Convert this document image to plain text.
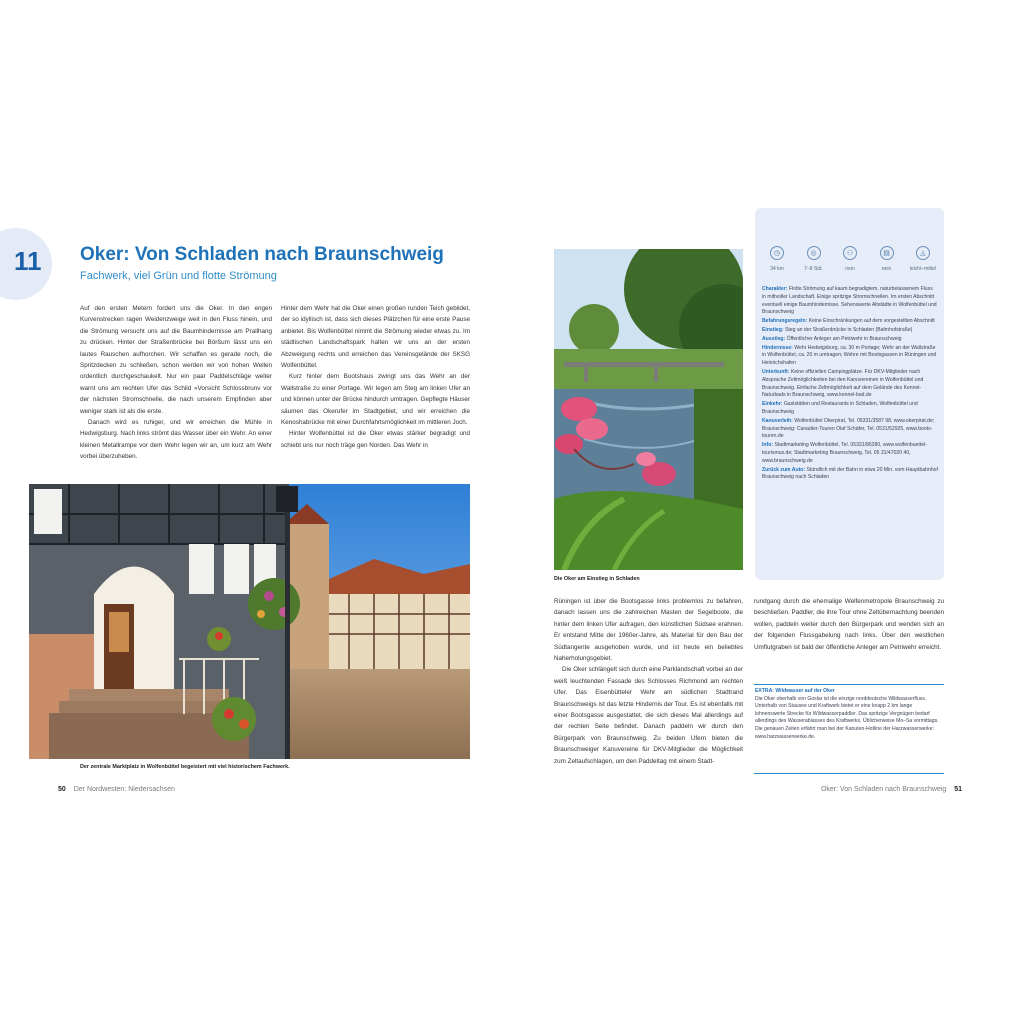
11	Oker: Von Schladen nach Braunschweig
Fachwerk, viel Grün und flotte Strömung

Auf den ersten Metern fordert uns die Oker. In den engen Kurvenstrecken ragen Weidenzweige weit in den Fluss hinein, und die Strömung versucht uns auf die Baumhindernisse am Prallhang zu drücken. Hinter der Straßenbrücke bei Börßum lässt uns ein lautes Rauschen aufhorchen. Wir schaffen es gerade noch, die Spritzdecken zu schließen, schon werden wir von hohen Wellen ordentlich durchgeschaukelt. Nur ein paar Paddelschläge weiter warnt uns am rechten Ufer das Schild »Vorsicht Schlossbrunv vor der nächsten Stromschnelle, die nach unserem Empfinden aber weniger stark ist als die erste.

Danach wird es ruhiger, und wir erreichen die Mühle in Hedwigsburg. Nach links strömt das Wasser über ein Wehr. An einer kleinen Metallrampe vor dem Wehr legen wir an, um kurz am Wehr vorbei überzuheben.

Hinter dem Wehr hat die Oker einen großen runden Teich gebildet, der so idyllisch ist, dass sich dieses Plätzchen für eine erste Pause anbietet. Bis Wolfenbüttel nimmt die Strömung wieder etwas zu. Im städtischen Landschaftspark halten wir uns an der ersten Abzweigung rechts und erreichen das Vereinsgelände der SKSG Wolfenbüttel.

Kurz hinter dem Bootshaus zwingt uns das Wehr an der Wallstraße zu einer Portage. Wir legen am Steg am linken Ufer an und können unter der Brücke hindurch umtragen. Gepflegte Häuser säumen das Okerufer im Stadtgebiet, und wir erreichen die Kenoshabrücke mit einer Durchfahrtsmöglichkeit im mittleren Joch.

Hinter Wolfenbüttel ist die Oker etwas stärker begradigt und schiebt uns nur noch träge gen Norden. Das Wehr in

Der zentrale Marktplatz in Wolfenbüttel begeistert mit viel historischem Fachwerk.
50 Der Nordwesten: Niedersachsen
Die Oker am Einstieg in Schladen
◷
34 km
◎
7–8 Std.
⚇
nein
▤
nein
◬
leicht–mittel

Charakter: Flotte Strömung auf kaum begradigtem, naturbelassenem Fluss in mittvoller Landschaft. Einige spritzige Stromschnellen. Im ersten Abschnitt eventuell einige Baumhindernisse. Sehenswerte Altstädte in Wolfenbüttel und Braunschweig

Befahrungsregeln: Keine Einschränkungen auf dem vorgestellten Abschnitt

Einstieg: Steg an der Straßenbrücke in Schladen (Bahnhofstraße)

Ausstieg: Öffentlicher Anleger am Petriwehr in Braunschweig

Hindernisse: Wehr Hedwigsburg, ca. 30 m Portage; Wehr an der Wallstraße in Wolfenbüttel, ca. 20 m umtragen; Wehre mit Bootsgassen in Rüningen und Heinrichshafen

Unterkunft: Keine offiziellen Campingplätze. Für DKV-Mitglieder nach Absprache Zeltmöglichkeiten bei den Kanuvereinen in Wolfenbüttel und Braunschweig. Einfache Zeltmöglichkeit auf dem Gelände des Kennel-Naturbads in Braunschweig, www.kennel-bad.de

Einkehr: Gaststätten und Restaurants in Schladen, Wolfenbüttel und Braunschweig

Kanuverleih: Wolfenbüttel Okerpirat, Tel. 05331/3587 98, www.okerpirat.de; Braunschweig: Canadier-Touren Olaf Schäfer, Tel. 0531/52925, www.boots-touren.de

Info: Stadtmarketing Wolfenbüttel, Tel. 05331/86280, www.wolfenbuettel-tourismus.de; Stadtmarketing Braunschweig, Tel. 05 31/47020 40, www.braunschweig.de

Zurück zum Auto: Stündlich mit der Bahn in etwa 20 Min. vom Hauptbahnhof Braunschweig nach Schladen

Rüningen ist über die Bootsgasse links problemlos zu befahren, danach lassen uns die zahlreichen Masten der Segelboote, die hinter dem linken Ufer aufragen, den künstlichen Südsee erahnen. Er entstand Mitte der 1960er-Jahre, als Material für den Bau der Südtangente ausgehoben wurde, und ist heute ein beliebtes Naherholungsgebiet.

Die Oker schlängelt sich durch eine Parklandschaft vorbei an der weiß leuchtenden Fassade des Schlosses Richmond am rechten Ufer. Das Eisenbütteler Wehr am südlichen Stadtrand Braunschweigs ist das letzte Hindernis der Tour. Es ist ebenfalls mit einer Bootsgasse ausgestattet, die sich dieses Mal allerdings auf der rechten Seite befindet. Danach paddeln wir durch den Bürgerpark von Braunschweig. Zu beiden Ufern bieten die Braunschweiger Kanuvereine für DKV-Mitglieder die Möglichkeit zum Zeltaufschlagen, um den Paddeltag mit einem Stadt-

rundgang durch die ehemalige Welfenmetropole Braunschweig zu beschließen. Paddler, die ihre Tour ohne Zeltübernachtung beenden wollen, paddeln weiter durch den Bürgerpark und wenden sich an der folgenden Flussgabelung nach links. Über den westlichen Umflutgraben ist bald der öffentliche Anleger am Petriwehr erreicht.

EXTRA: Wildwasser auf der Oker
Die Oker oberhalb von Goslar ist die einzige norddeutsche Wildwasserfluss. Unterhalb von Stausee und Kraftwerk bietet er eine knapp 2 km lange lohnenswerte Strecke für Wildwasserpaddler. Das spritzige Vergnügen bedarf allerdings des Wasserablasses des Kraftwerks. Üblicherweise Mo–Sa vormittags. Die genauen Zeiten erfährt man bei der Kanuten-Hotline der Harzwasserwerke: www.harzwasserwerke.de.
Oker: Von Schladen nach Braunschweig 51
